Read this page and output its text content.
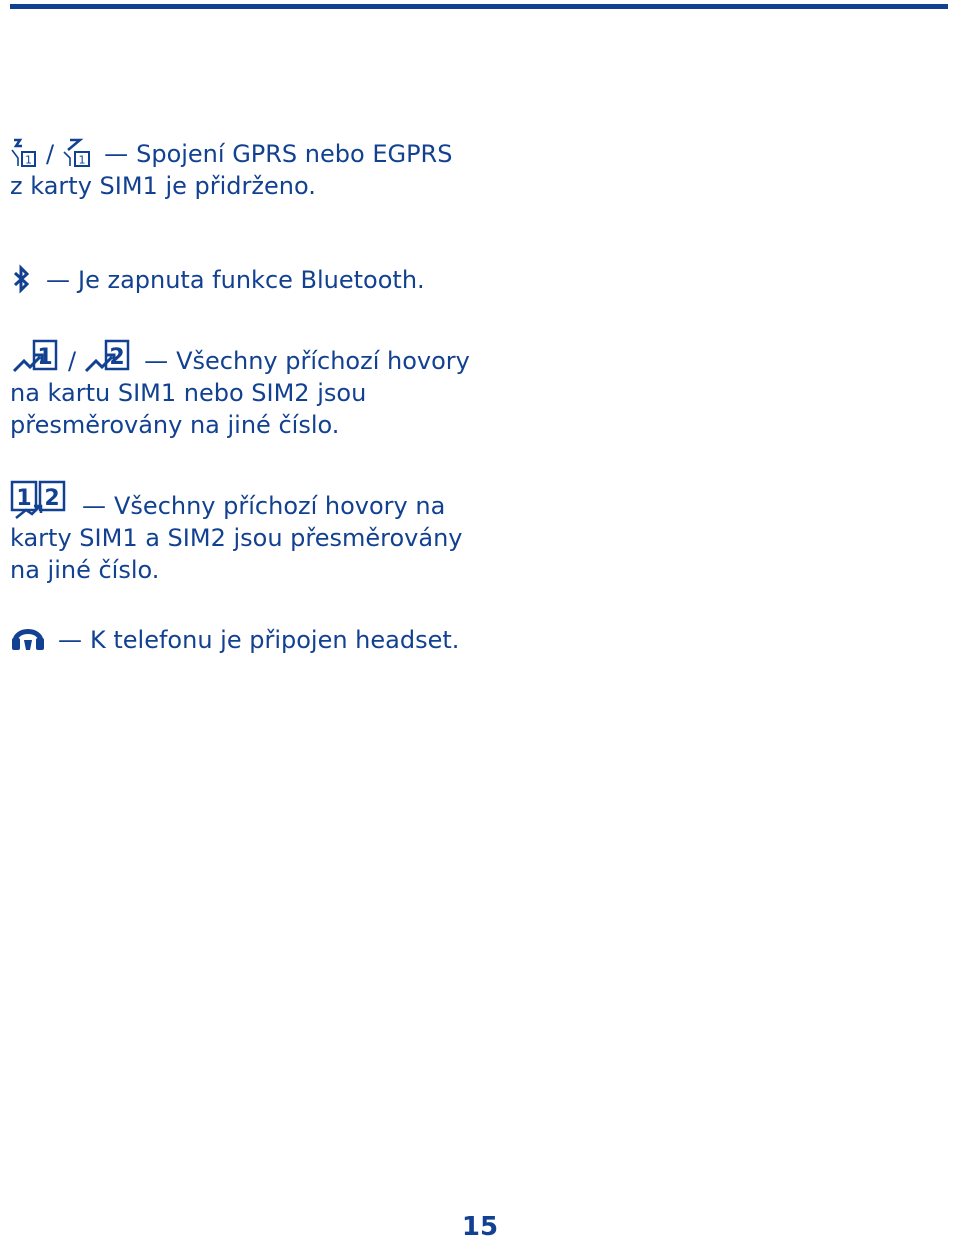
1 / 1 — Spojení GPRS nebo EGPRS
z karty SIM1 je přidrženo.
— Je zapnuta funkce Bluetooth.
1 / 2 — Všechny příchozí hovory
na kartu SIM1 nebo SIM2 jsou
přesměrovány na jiné číslo.
1 2 — Všechny příchozí hovory na
karty SIM1 a SIM2 jsou přesměrovány
na jiné číslo.
— K telefonu je připojen headset.
15
